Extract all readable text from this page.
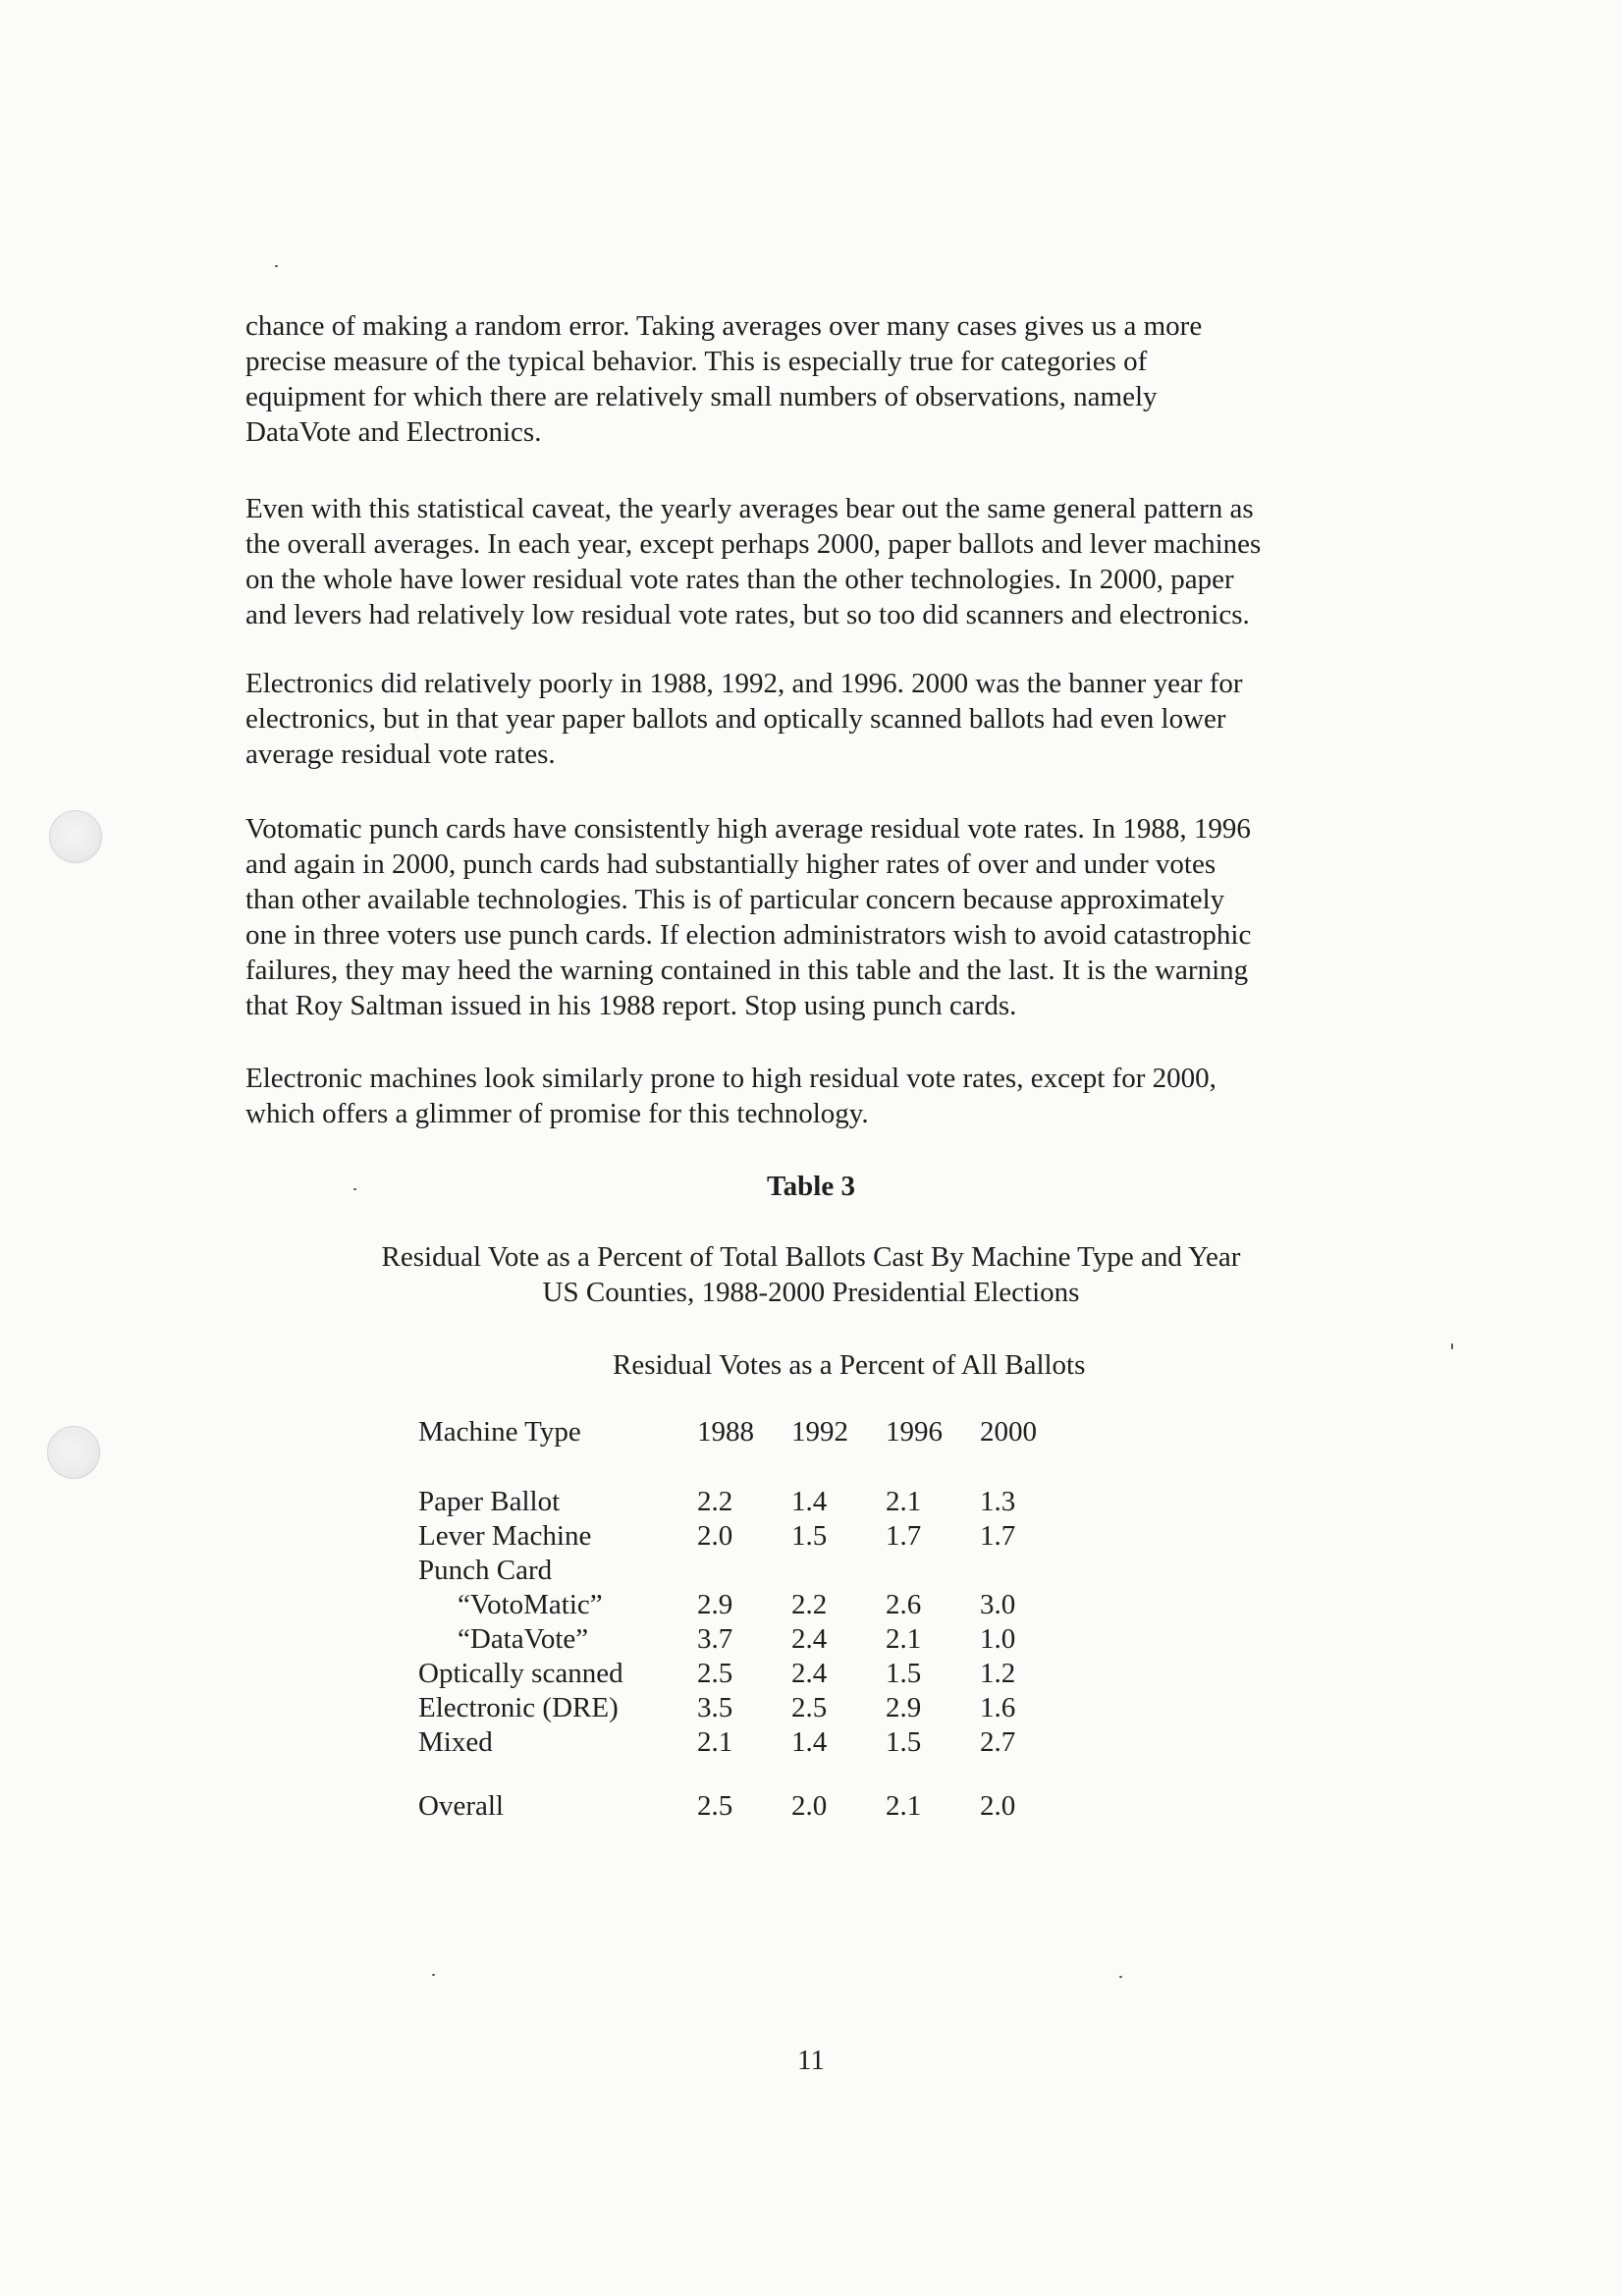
chance of making a random error. Taking averages over many cases gives us a more
precise measure of the typical behavior. This is especially true for categories of
equipment for which there are relatively small numbers of observations, namely
DataVote and Electronics.

Even with this statistical caveat, the yearly averages bear out the same general pattern as
the overall averages. In each year, except perhaps 2000, paper ballots and lever machines
on the whole have lower residual vote rates than the other technologies. In 2000, paper
and levers had relatively low residual vote rates, but so too did scanners and electronics.

Electronics did relatively poorly in 1988, 1992, and 1996. 2000 was the banner year for
electronics, but in that year paper ballots and optically scanned ballots had even lower
average residual vote rates.

Votomatic punch cards have consistently high average residual vote rates. In 1988, 1996
and again in 2000, punch cards had substantially higher rates of over and under votes
than other available technologies. This is of particular concern because approximately
one in three voters use punch cards. If election administrators wish to avoid catastrophic
failures, they may heed the warning contained in this table and the last. It is the warning
that Roy Saltman issued in his 1988 report. Stop using punch cards.

Electronic machines look similarly prone to high residual vote rates, except for 2000,
which offers a glimmer of promise for this technology.

Table 3

Residual Vote as a Percent of Total Ballots Cast By Machine Type and Year
US Counties, 1988-2000 Presidential Elections

Residual Votes as a Percent of All Ballots
Machine Type	1988	1992	1996	2000

Paper Ballot	2.2	1.4	2.1	1.3
Lever Machine	2.0	1.5	1.7	1.7
Punch Card				
“VotoMatic”	2.9	2.2	2.6	3.0
“DataVote”	3.7	2.4	2.1	1.0
Optically scanned	2.5	2.4	1.5	1.2
Electronic (DRE)	3.5	2.5	2.9	1.6
Mixed	2.1	1.4	1.5	2.7

Overall	2.5	2.0	2.1	2.0
11
